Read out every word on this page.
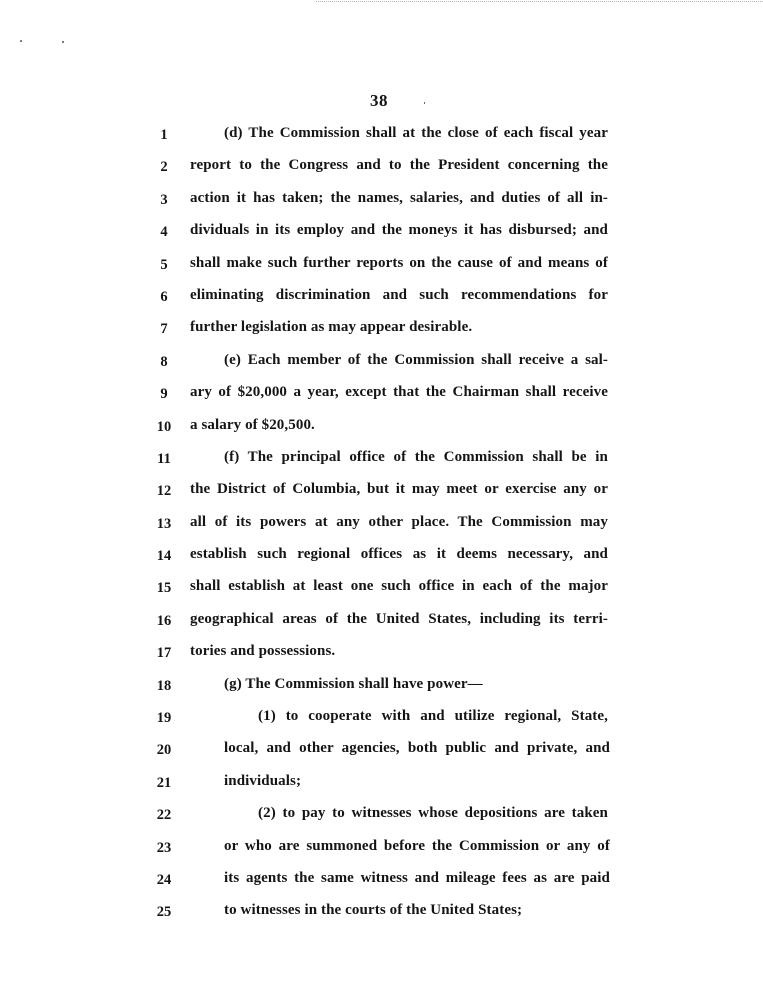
38
1	(d) The Commission shall at the close of each fiscal year
2	report to the Congress and to the President concerning the
3	action it has taken; the names, salaries, and duties of all in-
4	dividuals in its employ and the moneys it has disbursed; and
5	shall make such further reports on the cause of and means of
6	eliminating discrimination and such recommendations for
7	further legislation as may appear desirable.
8	(e) Each member of the Commission shall receive a sal-
9	ary of $20,000 a year, except that the Chairman shall receive
10	a salary of $20,500.
11	(f) The principal office of the Commission shall be in
12	the District of Columbia, but it may meet or exercise any or
13	all of its powers at any other place. The Commission may
14	establish such regional offices as it deems necessary, and
15	shall establish at least one such office in each of the major
16	geographical areas of the United States, including its terri-
17	tories and possessions.
18	(g) The Commission shall have power—
19	(1) to cooperate with and utilize regional, State,
20	local, and other agencies, both public and private, and
21	individuals;
22	(2) to pay to witnesses whose depositions are taken
23	or who are summoned before the Commission or any of
24	its agents the same witness and mileage fees as are paid
25	to witnesses in the courts of the United States;
